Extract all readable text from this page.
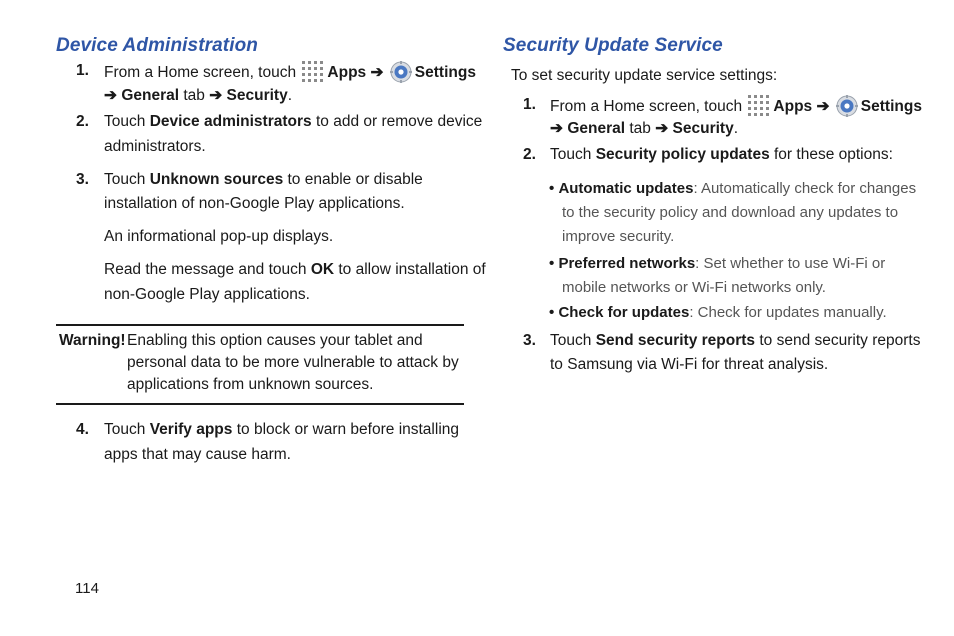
Device Administration
1. From a Home screen, touch Apps ➔ Settings
➔ General tab ➔ Security.
2. Touch Device administrators to add or remove device
administrators.
3. Touch Unknown sources to enable or disable
installation of non-Google Play applications.
An informational pop-up displays.
Read the message and touch OK to allow installation of
non-Google Play applications.
Warning! Enabling this option causes your tablet and
personal data to be more vulnerable to attack by
applications from unknown sources.
4. Touch Verify apps to block or warn before installing
apps that may cause harm.
Security Update Service
To set security update service settings:
1. From a Home screen, touch Apps ➔ Settings
➔ General tab ➔ Security.
2. Touch Security policy updates for these options:
• Automatic updates: Automatically check for changes
to the security policy and download any updates to
improve security.
• Preferred networks: Set whether to use Wi-Fi or
mobile networks or Wi-Fi networks only.
• Check for updates: Check for updates manually.
3. Touch Send security reports to send security reports
to Samsung via Wi-Fi for threat analysis.
114
